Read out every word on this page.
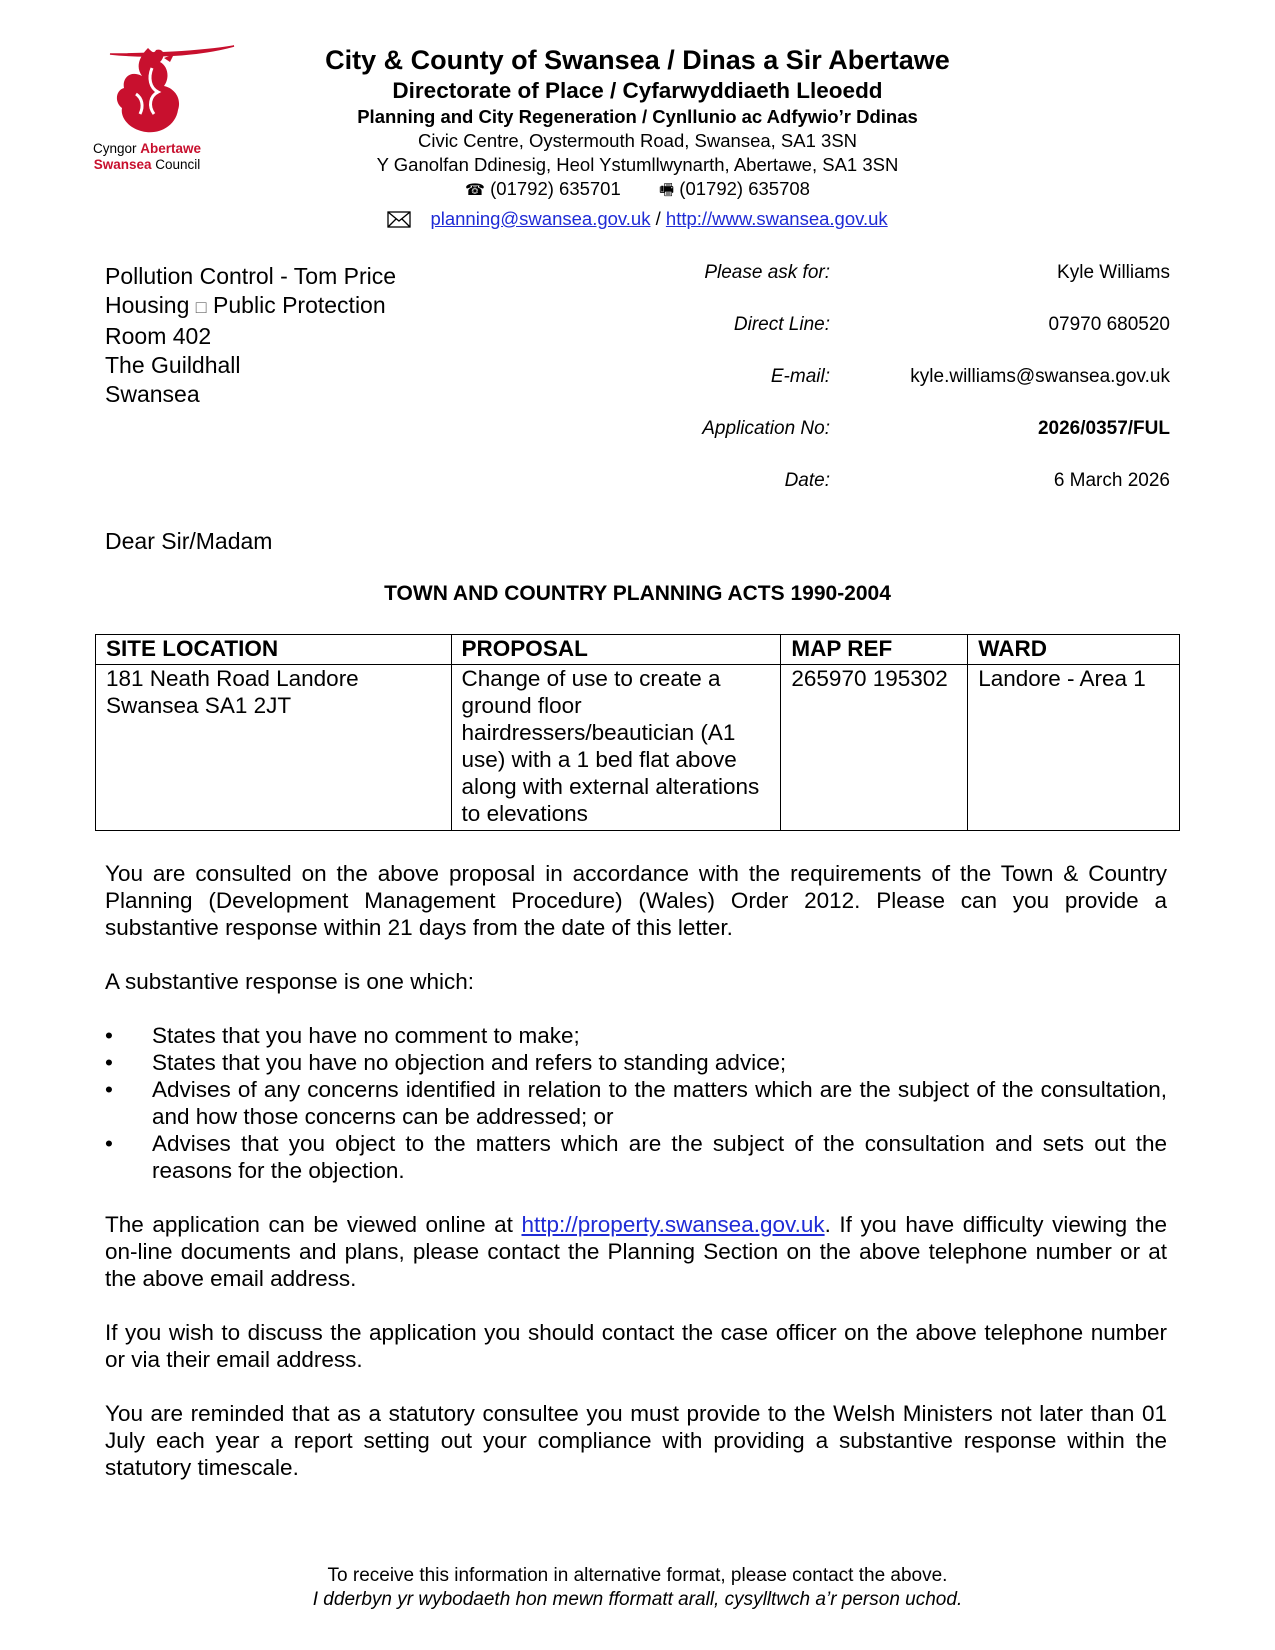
Cyngor Abertawe
Swansea Council
City & County of Swansea / Dinas a Sir Abertawe
Directorate of Place / Cyfarwyddiaeth Lleoedd
Planning and City Regeneration / Cynllunio ac Adfywio’r Ddinas
Civic Centre, Oystermouth Road, Swansea, SA1 3SN
Y Ganolfan Ddinesig, Heol Ystumllwynarth, Abertawe, SA1 3SN
☎ (01792) 635701 🖷 (01792) 635708
planning@swansea.gov.uk / http://www.swansea.gov.uk
Pollution Control - Tom Price
Housing □ Public Protection
Room 402
The Guildhall
Swansea
Please ask for:	Kyle Williams
Direct Line:	07970 680520
E-mail:	kyle.williams@swansea.gov.uk
Application No:	2026/0357/FUL
Date:	6 March 2026
Dear Sir/Madam
TOWN AND COUNTRY PLANNING ACTS 1990-2004
SITE LOCATION	PROPOSAL	MAP REF	WARD
181 Neath Road Landore Swansea SA1 2JT	Change of use to create a ground floor hairdressers/beautician (A1 use) with a 1 bed flat above along with external alterations to elevations	265970 195302	Landore - Area 1

You are consulted on the above proposal in accordance with the requirements of the Town & Country Planning (Development Management Procedure) (Wales) Order 2012. Please can you provide a substantive response within 21 days from the date of this letter.

A substantive response is one which:

• States that you have no comment to make;
• States that you have no objection and refers to standing advice;
• Advises of any concerns identified in relation to the matters which are the subject of the consultation, and how those concerns can be addressed; or
• Advises that you object to the matters which are the subject of the consultation and sets out the reasons for the objection.

The application can be viewed online at http://property.swansea.gov.uk. If you have difficulty viewing the on-line documents and plans, please contact the Planning Section on the above telephone number or at the above email address.

If you wish to discuss the application you should contact the case officer on the above telephone number or via their email address.

You are reminded that as a statutory consultee you must provide to the Welsh Ministers not later than 01 July each year a report setting out your compliance with providing a substantive response within the statutory timescale.

To receive this information in alternative format, please contact the above.
I dderbyn yr wybodaeth hon mewn fformatt arall, cysylltwch a’r person uchod.
